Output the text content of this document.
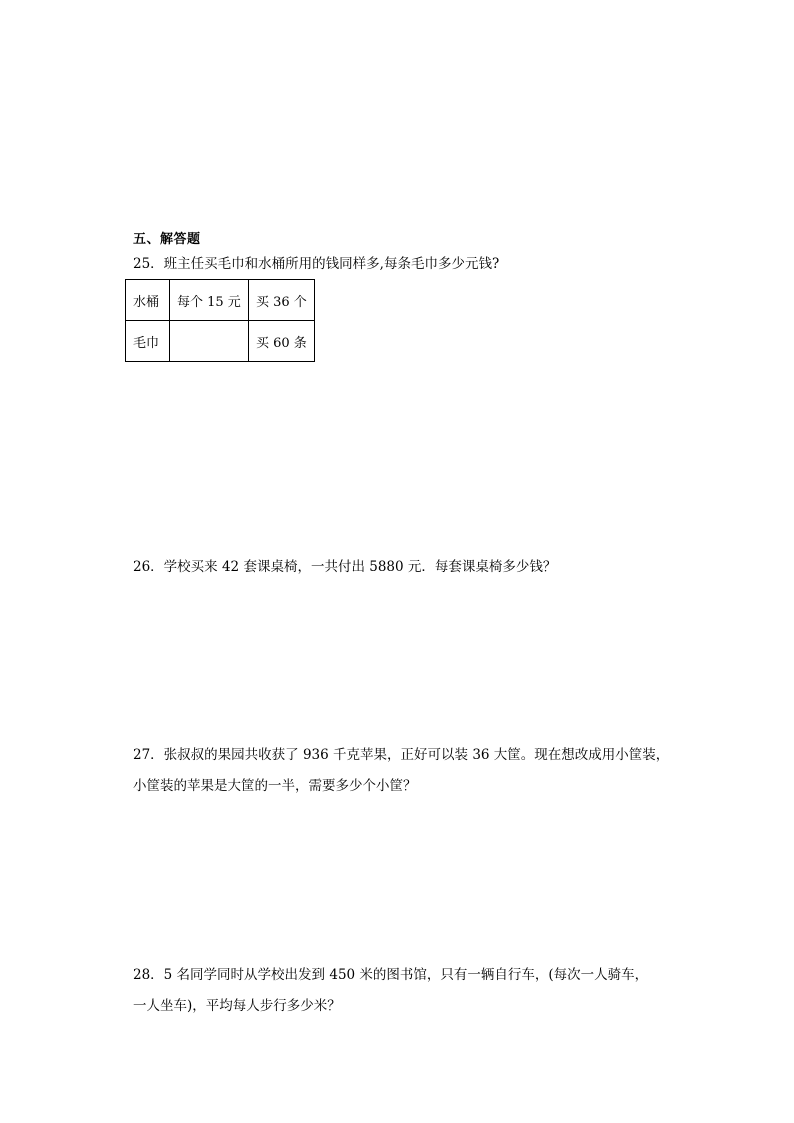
五、解答题
25．班主任买毛巾和水桶所用的钱同样多,每条毛巾多少元钱?
水桶	每个 15 元	买 36 个
毛巾		买 60 条
26．学校买来 42 套课桌椅，一共付出 5880 元．每套课桌椅多少钱？
27．张叔叔的果园共收获了 936 千克苹果，正好可以装 36 大筐。现在想改成用小筐装，
小筐装的苹果是大筐的一半，需要多少个小筐？
28．5 名同学同时从学校出发到 450 米的图书馆，只有一辆自行车，(每次一人骑车，
一人坐车)，平均每人步行多少米？
